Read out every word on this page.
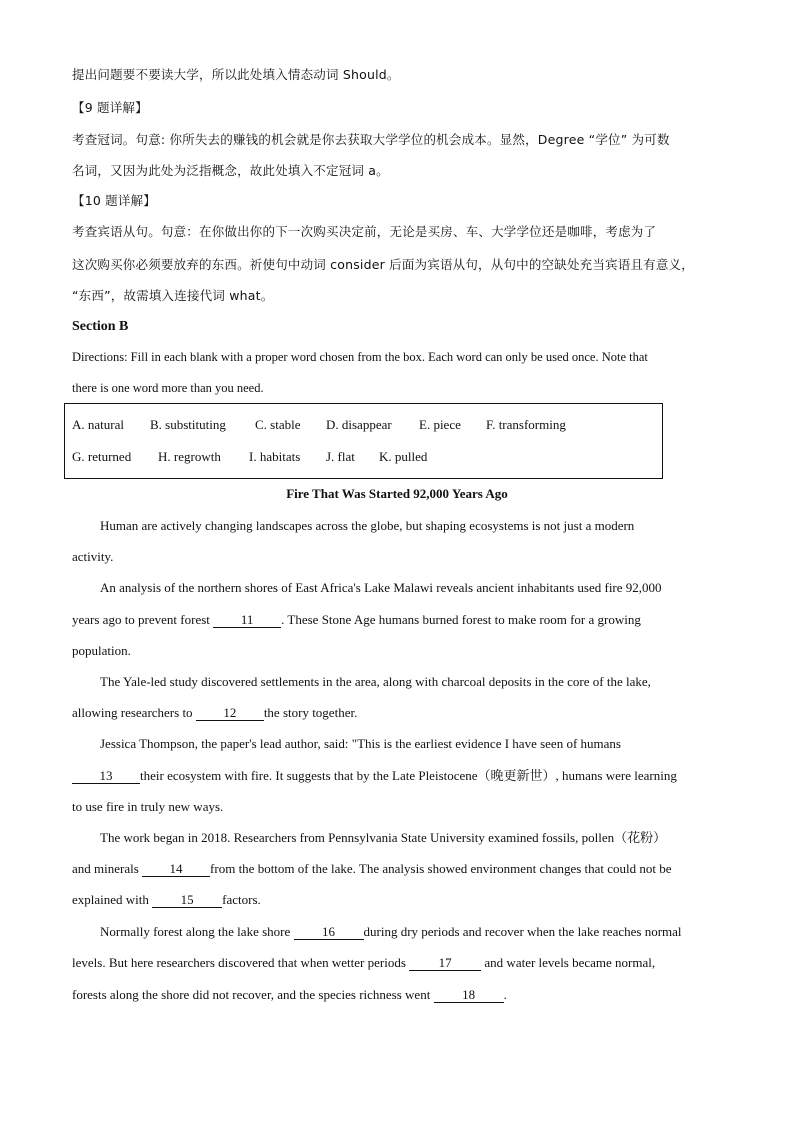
提出问题要不要读大学，所以此处填入情态动词 Should。
【9 题详解】
考查冠词。句意: 你所失去的赚钱的机会就是你去获取大学学位的机会成本。显然，Degree “学位” 为可数
名词，又因为此处为泛指概念，故此处填入不定冠词 a。
【10 题详解】
考查宾语从句。句意：在你做出你的下一次购买决定前，无论是买房、车、大学学位还是咖啡，考虑为了
这次购买你必须要放弃的东西。祈使句中动词 consider 后面为宾语从句，从句中的空缺处充当宾语且有意义，
“东西”，故需填入连接代词 what。
Section B
Directions: Fill in each blank with a proper word chosen from the box. Each word can only be used once. Note that
there is one word more than you need.
A. natural B. substituting C. stable D. disappear E. piece F. transforming
G. returned H. regrowth I. habitats J. flat K. pulled
Fire That Was Started 92,000 Years Ago
Human are actively changing landscapes across the globe, but shaping ecosystems is not just a modern
activity.
An analysis of the northern shores of East Africa's Lake Malawi reveals ancient inhabitants used fire 92,000
years ago to prevent forest 11 . These Stone Age humans burned forest to make room for a growing
population.
The Yale-led study discovered settlements in the area, along with charcoal deposits in the core of the lake,
allowing researchers to 12 the story together.
Jessica Thompson, the paper's lead author, said: "This is the earliest evidence I have seen of humans
13 their ecosystem with fire. It suggests that by the Late Pleistocene（晚更新世）, humans were learning
to use fire in truly new ways.
The work began in 2018. Researchers from Pennsylvania State University examined fossils, pollen（花粉）
and minerals 14 from the bottom of the lake. The analysis showed environment changes that could not be
explained with 15 factors.
Normally forest along the lake shore 16 during dry periods and recover when the lake reaches normal
levels. But here researchers discovered that when wetter periods 17 and water levels became normal,
forests along the shore did not recover, and the species richness went 18 .
